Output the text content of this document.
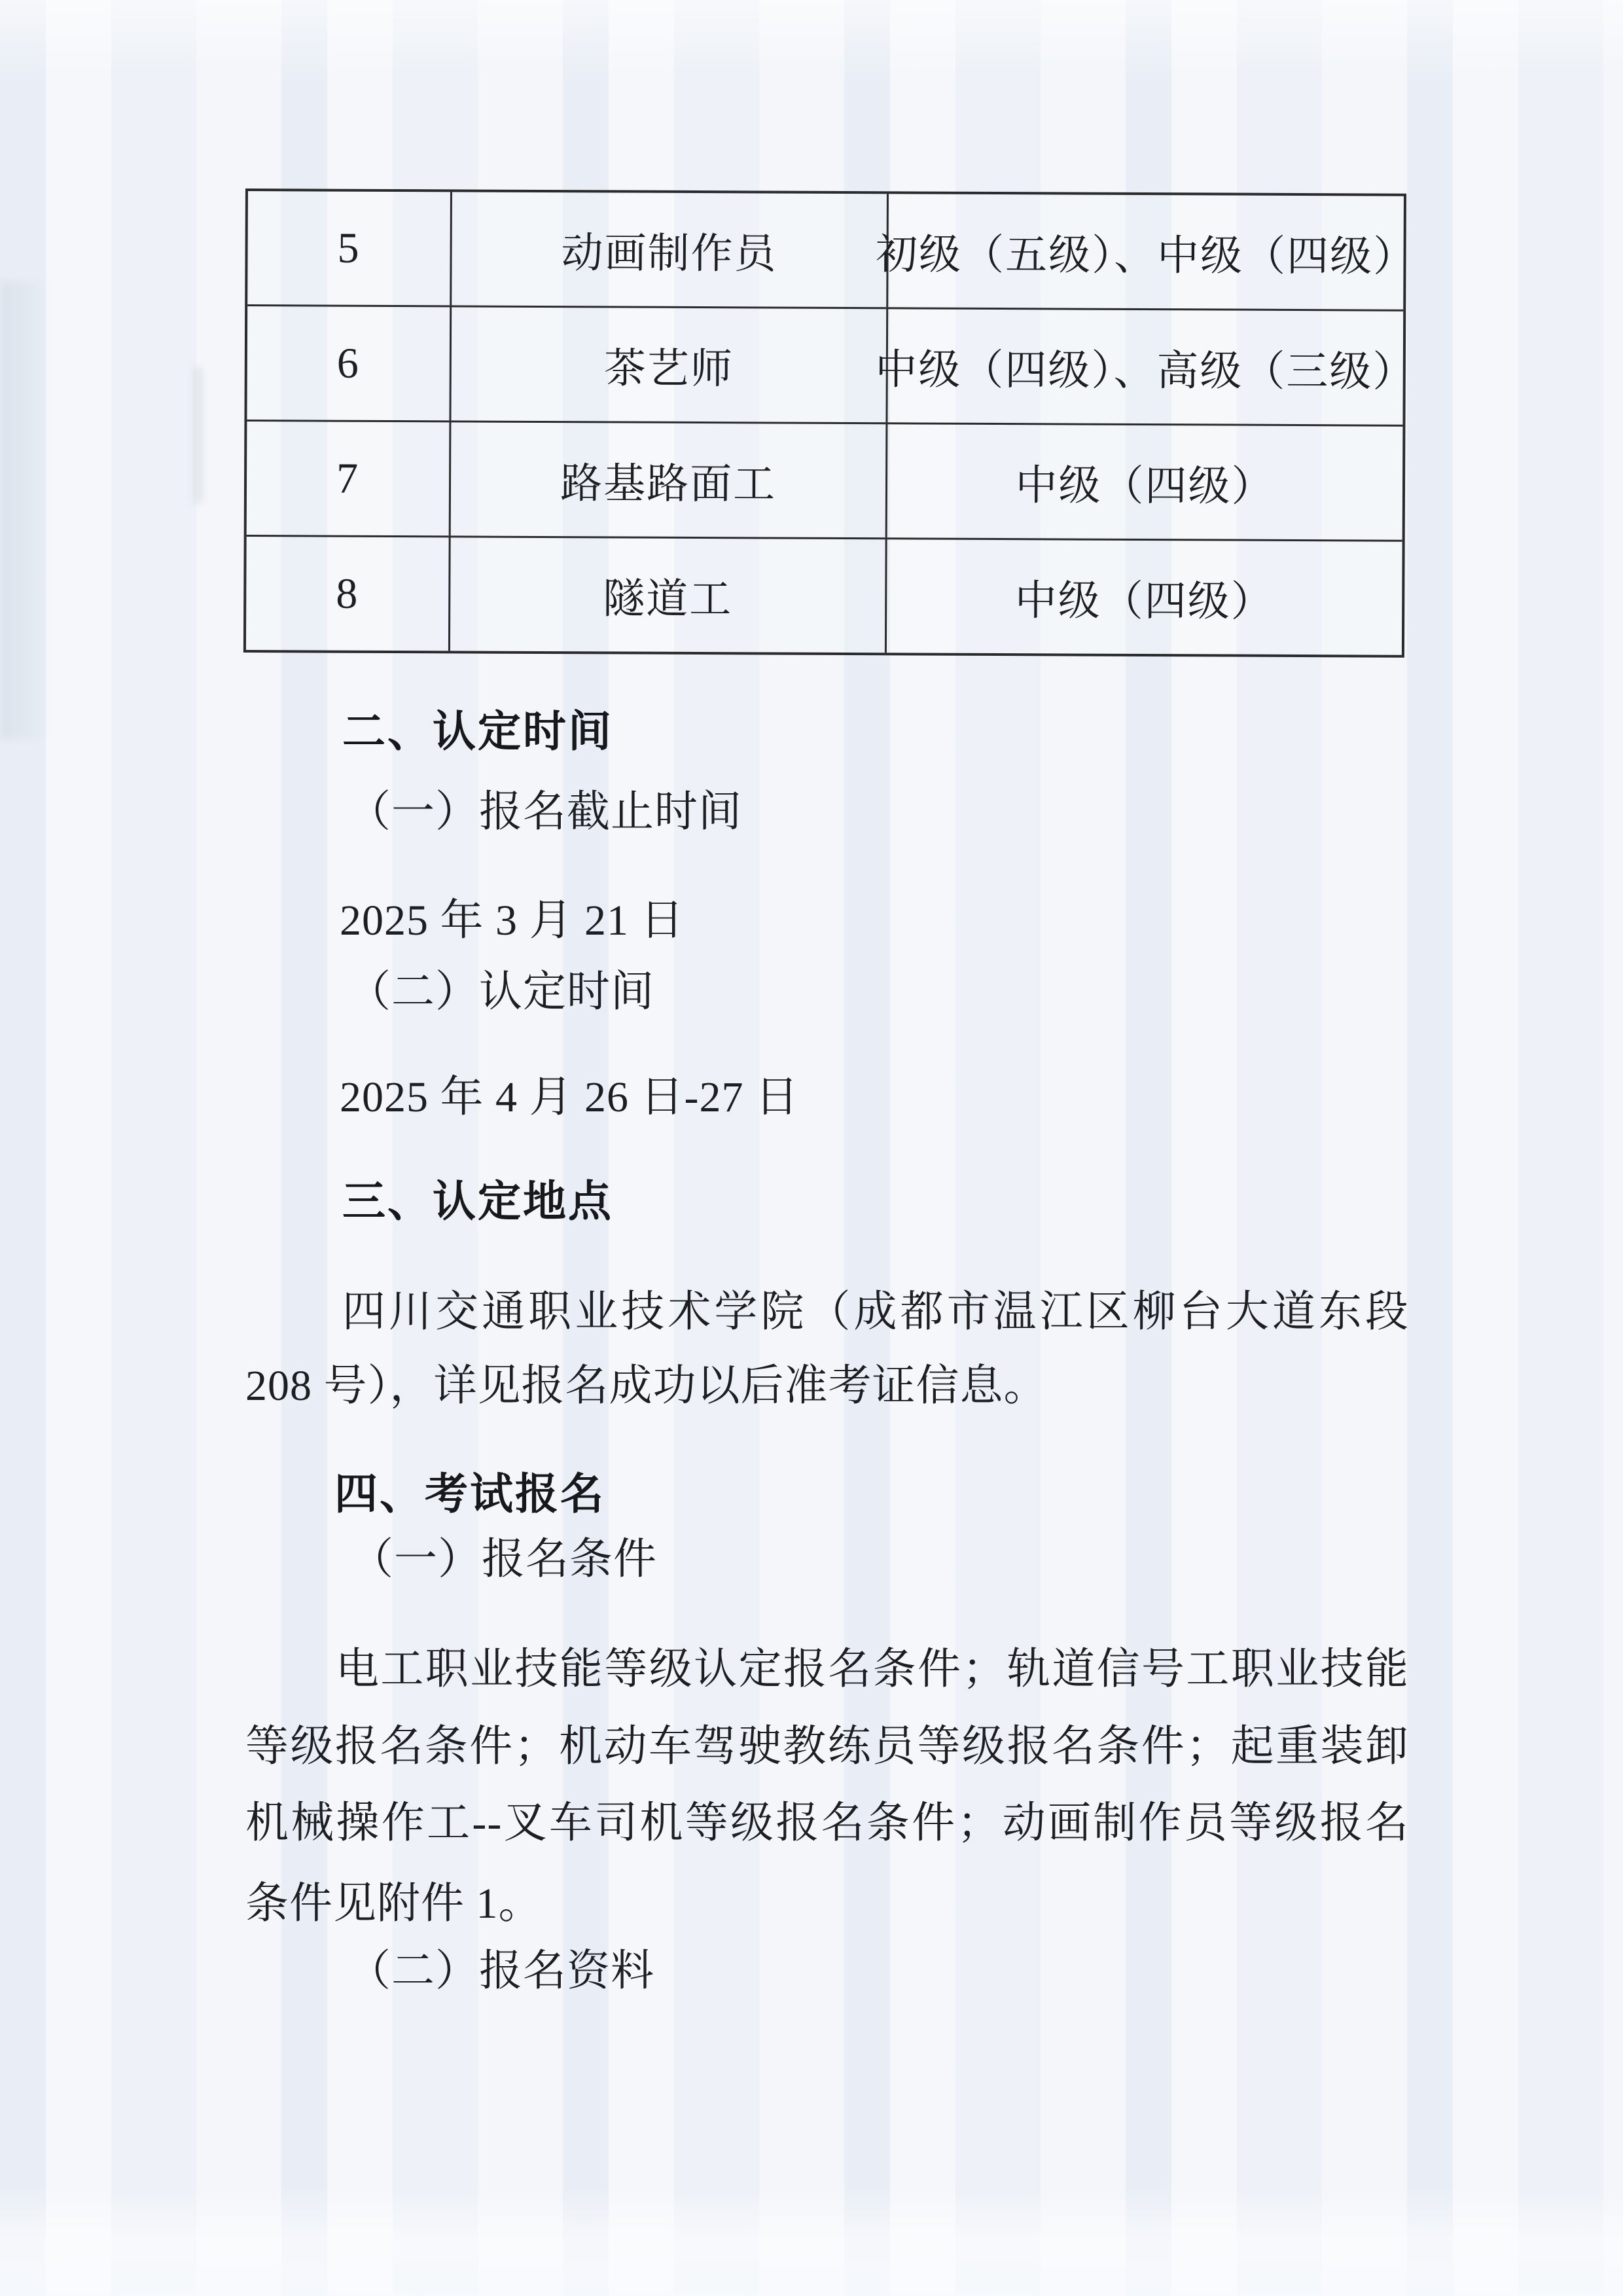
5	动画制作员	初级（五级）、中级（四级）
6	茶艺师	中级（四级）、高级（三级）
7	路基路面工	中级（四级）
8	隧道工	中级（四级）
二、认定时间
（一）报名截止时间
2025 年 3 月 21 日
（二）认定时间
2025 年 4 月 26 日-27 日
三、认定地点
四川交通职业技术学院（成都市温江区柳台大道东段
208 号），详见报名成功以后准考证信息。
四、考试报名
（一）报名条件
电工职业技能等级认定报名条件；轨道信号工职业技能
等级报名条件；机动车驾驶教练员等级报名条件；起重装卸
机械操作工--叉车司机等级报名条件；动画制作员等级报名
条件见附件 1。
（二）报名资料
